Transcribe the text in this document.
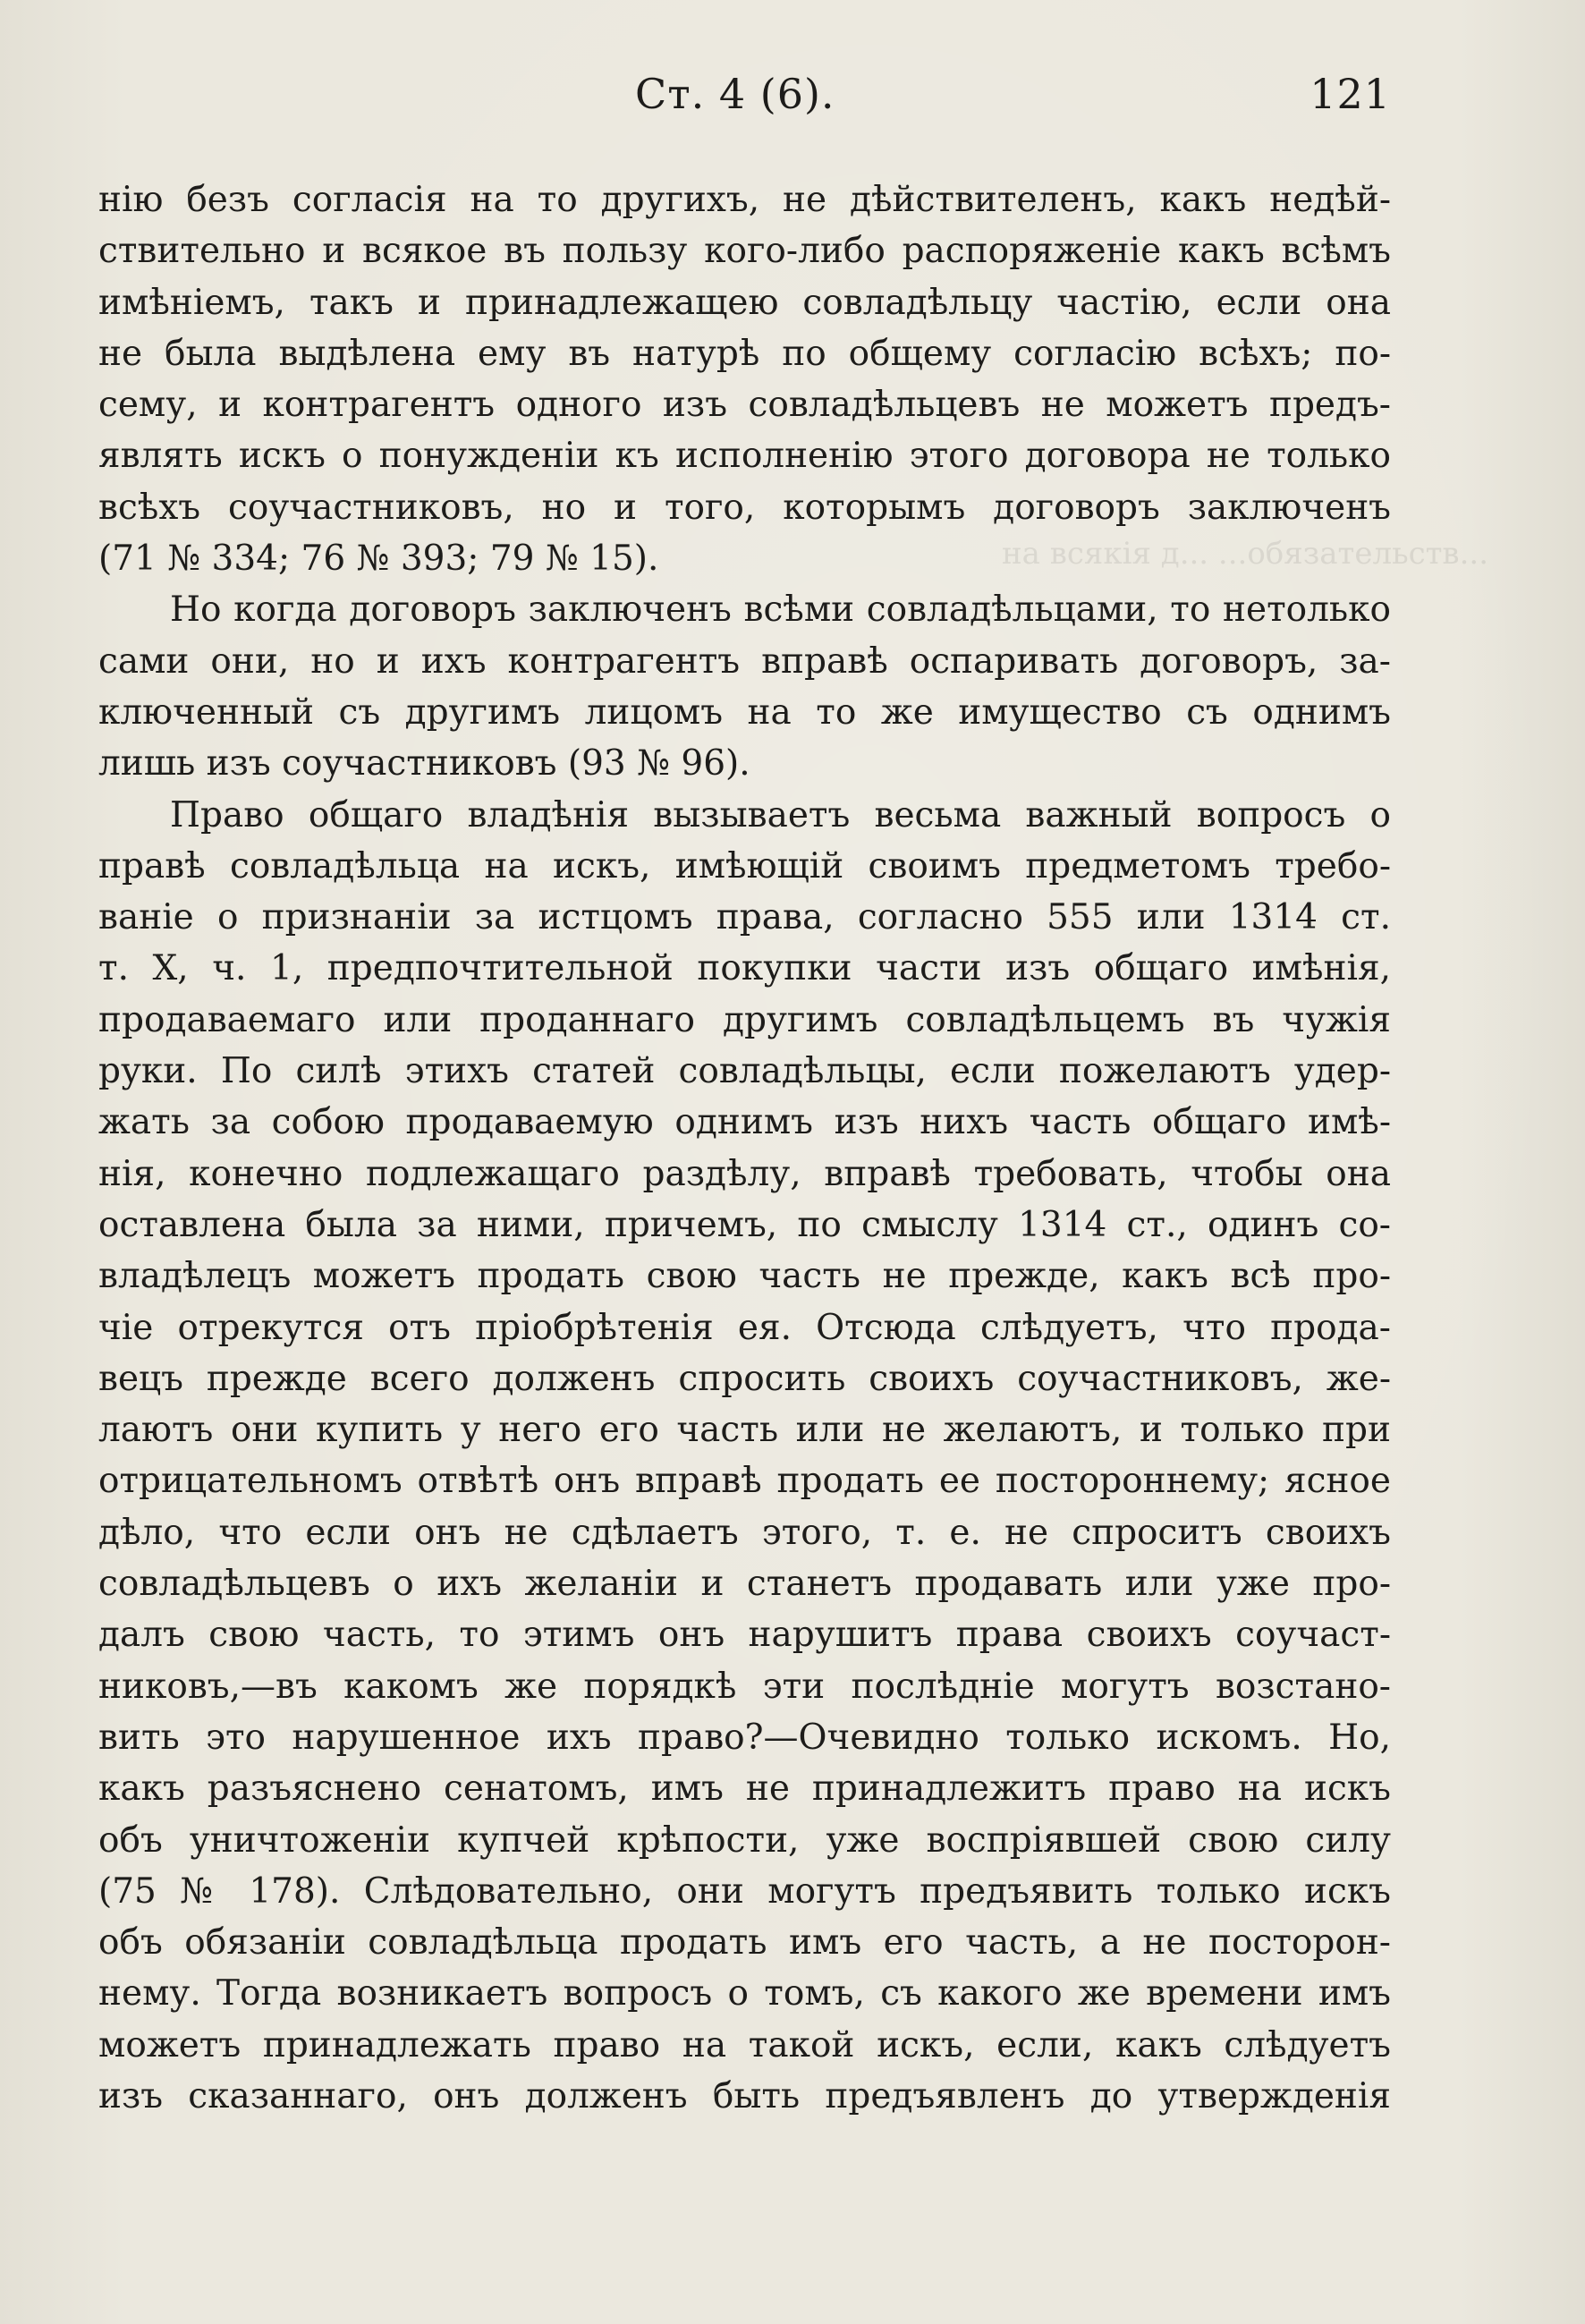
на всякія д... ...обязательств...
Ст. 4 (6).	121
нію безъ согласія на то другихъ, не дѣйствителенъ, какъ недѣй-
ствительно и всякое въ пользу кого-либо распоряженіе какъ всѣмъ
имѣніемъ, такъ и принадлежащею совладѣльцу частію, если она
не была выдѣлена ему въ натурѣ по общему согласію всѣхъ; по-
сему, и контрагентъ одного изъ совладѣльцевъ не можетъ предъ-
являть искъ о понужденіи къ исполненію этого договора не только
всѣхъ соучастниковъ, но и того, которымъ договоръ заключенъ
(71 № 334; 76 № 393; 79 № 15).
Но когда договоръ заключенъ всѣми совладѣльцами, то нетолько
сами они, но и ихъ контрагентъ вправѣ оспаривать договоръ, за-
ключенный съ другимъ лицомъ на то же имущество съ однимъ
лишь изъ соучастниковъ (93 № 96).
Право общаго владѣнія вызываетъ весьма важный вопросъ о
правѣ совладѣльца на искъ, имѣющій своимъ предметомъ требо-
ваніе о признаніи за истцомъ права, согласно 555 или 1314 ст.
т. X, ч. 1, предпочтительной покупки части изъ общаго имѣнія,
продаваемаго или проданнаго другимъ совладѣльцемъ въ чужія
руки. По силѣ этихъ статей совладѣльцы, если пожелаютъ удер-
жать за собою продаваемую однимъ изъ нихъ часть общаго имѣ-
нія, конечно подлежащаго раздѣлу, вправѣ требовать, чтобы она
оставлена была за ними, причемъ, по смыслу 1314 ст., одинъ со-
владѣлецъ можетъ продать свою часть не прежде, какъ всѣ про-
чіе отрекутся отъ пріобрѣтенія ея. Отсюда слѣдуетъ, что прода-
вецъ прежде всего долженъ спросить своихъ соучастниковъ, же-
лаютъ они купить у него его часть или не желаютъ, и только при
отрицательномъ отвѣтѣ онъ вправѣ продать ее постороннему; ясное
дѣло, что если онъ не сдѣлаетъ этого, т. е. не спроситъ своихъ
совладѣльцевъ о ихъ желаніи и станетъ продавать или уже про-
далъ свою часть, то этимъ онъ нарушитъ права своихъ соучаст-
никовъ,—въ какомъ же порядкѣ эти послѣдніе могутъ возстано-
вить это нарушенное ихъ право?—Очевидно только искомъ. Но,
какъ разъяснено сенатомъ, имъ не принадлежитъ право на искъ
объ уничтоженіи купчей крѣпости, уже воспріявшей свою силу
(75 № 178). Слѣдовательно, они могутъ предъявить только искъ
объ обязаніи совладѣльца продать имъ его часть, а не посторон-
нему. Тогда возникаетъ вопросъ о томъ, съ какого же времени имъ
можетъ принадлежать право на такой искъ, если, какъ слѣдуетъ
изъ сказаннаго, онъ долженъ быть предъявленъ до утвержденія
